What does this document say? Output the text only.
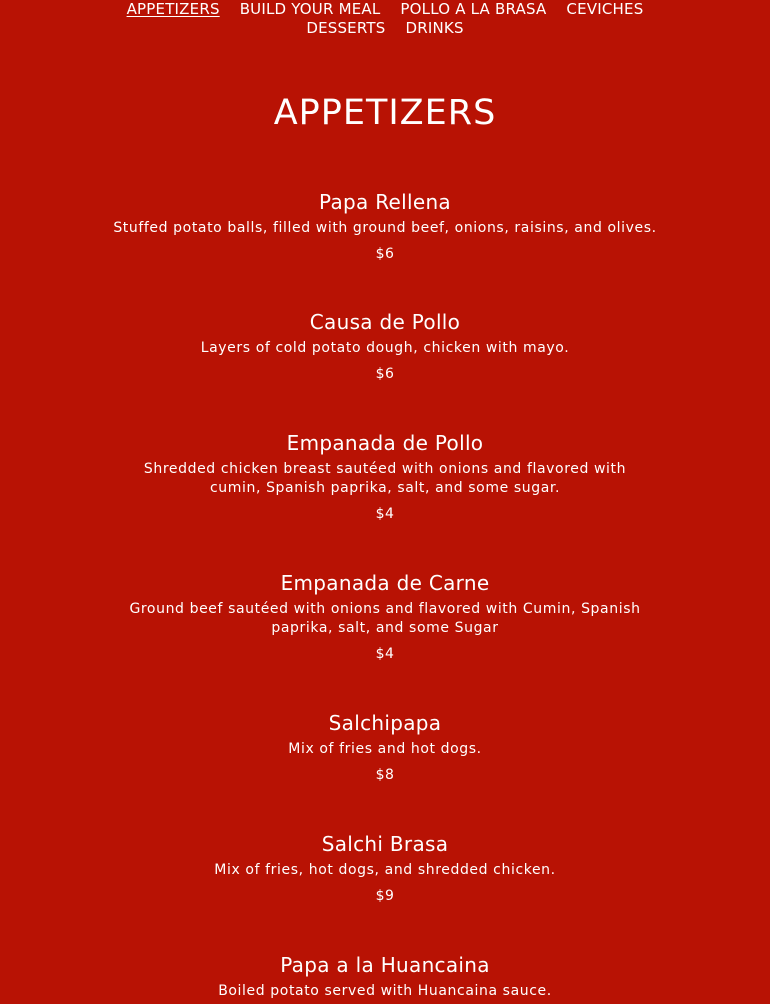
APPETIZERS BUILD YOUR MEAL POLLO A LA BRASA CEVICHES
DESSERTS DRINKS
APPETIZERS
Papa Rellena

Stuffed potato balls, filled with ground beef, onions, raisins, and olives.

$6
Causa de Pollo

Layers of cold potato dough, chicken with mayo.

$6
Empanada de Pollo

Shredded chicken breast sautéed with onions and flavored with cumin, Spanish paprika, salt, and some sugar.

$4
Empanada de Carne

Ground beef sautéed with onions and flavored with Cumin, Spanish paprika, salt, and some Sugar

$4
Salchipapa

Mix of fries and hot dogs.

$8
Salchi Brasa

Mix of fries, hot dogs, and shredded chicken.

$9
Papa a la Huancaina

Boiled potato served with Huancaina sauce.
